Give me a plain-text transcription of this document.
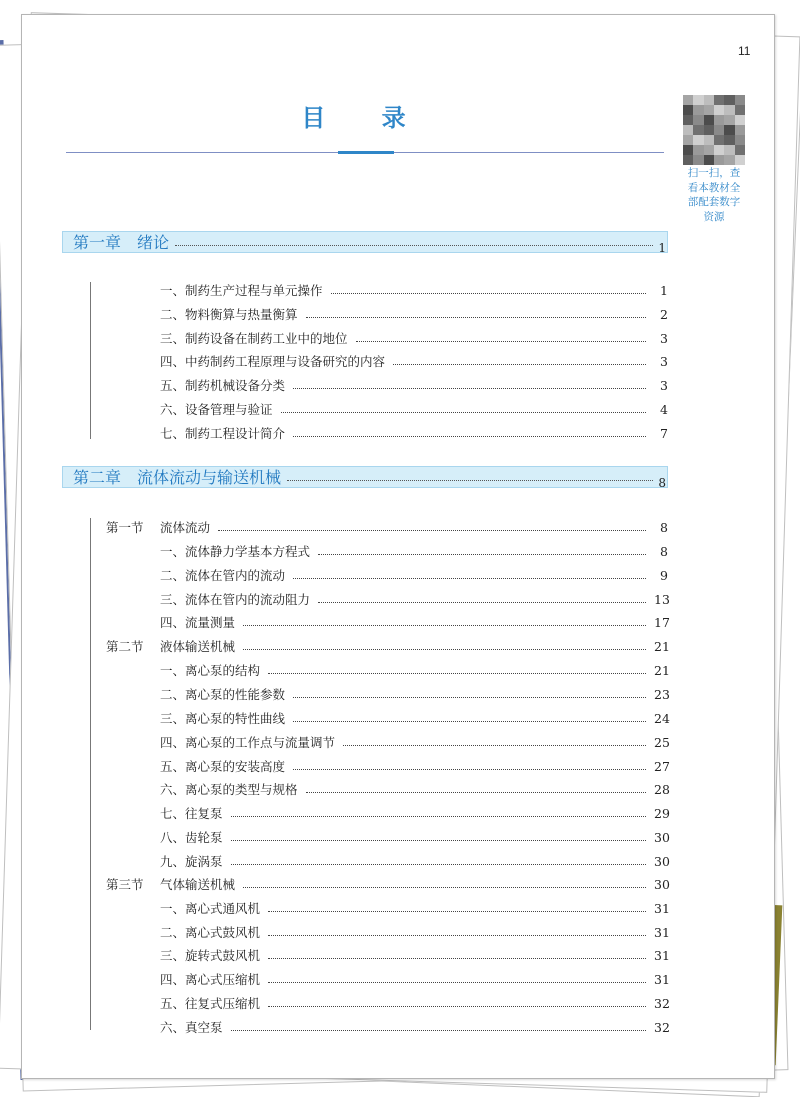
11
目 录
扫一扫，查
看本教材全
部配套数字
资源
第一章　绪论	1
一、制药生产过程与单元操作	1
二、物料衡算与热量衡算	2
三、制药设备在制药工业中的地位	3
四、中药制药工程原理与设备研究的内容	3
五、制药机械设备分类	3
六、设备管理与验证	4
七、制药工程设计简介	7
第二章　流体流动与输送机械	8
第一节	流体流动	8
一、流体静力学基本方程式	8
二、流体在管内的流动	9
三、流体在管内的流动阻力	13
四、流量测量	17
第二节	液体输送机械	21
一、离心泵的结构	21
二、离心泵的性能参数	23
三、离心泵的特性曲线	24
四、离心泵的工作点与流量调节	25
五、离心泵的安装高度	27
六、离心泵的类型与规格	28
七、往复泵	29
八、齿轮泵	30
九、旋涡泵	30
第三节	气体输送机械	30
一、离心式通风机	31
二、离心式鼓风机	31
三、旋转式鼓风机	31
四、离心式压缩机	31
五、往复式压缩机	32
六、真空泵	32
